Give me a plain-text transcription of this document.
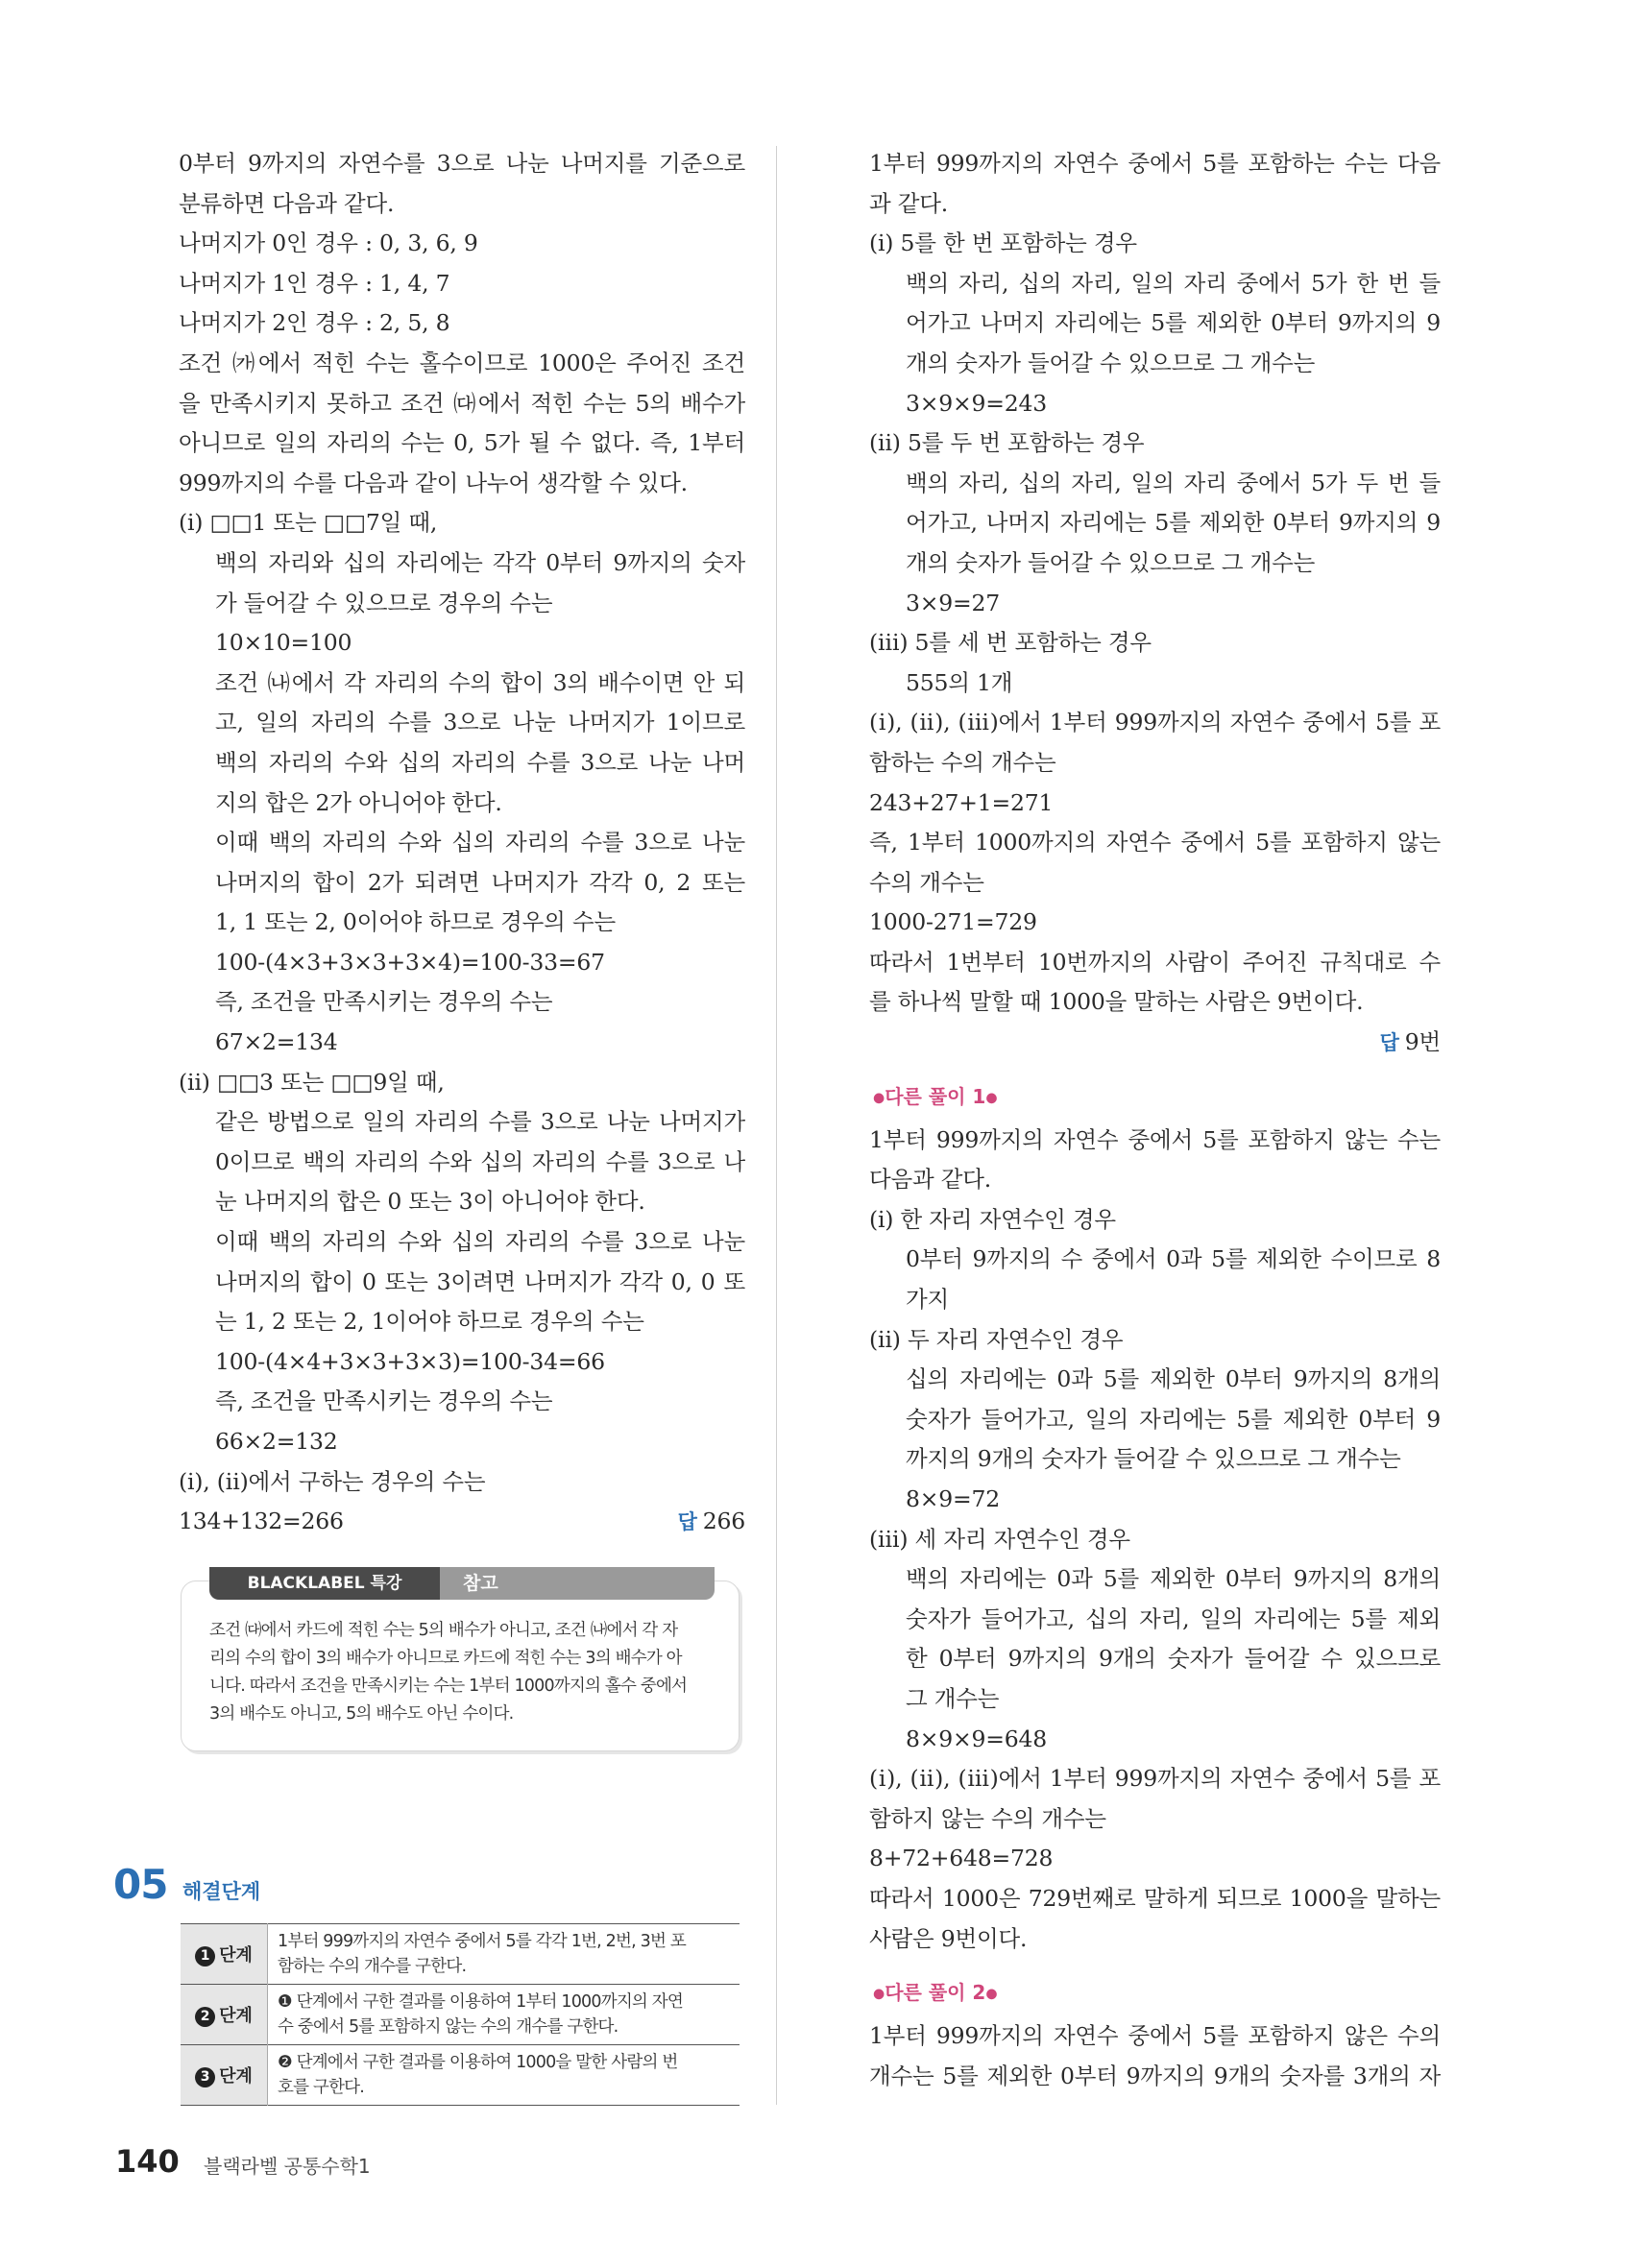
0부터 9까지의 자연수를 3으로 나눈 나머지를 기준으로
분류하면 다음과 같다.
나머지가 0인 경우 : 0, 3, 6, 9
나머지가 1인 경우 : 1, 4, 7
나머지가 2인 경우 : 2, 5, 8
조건 ㈎에서 적힌 수는 홀수이므로 1000은 주어진 조건
을 만족시키지 못하고 조건 ㈐에서 적힌 수는 5의 배수가
아니므로 일의 자리의 수는 0, 5가 될 수 없다. 즉, 1부터
999까지의 수를 다음과 같이 나누어 생각할 수 있다.
(ⅰ) □□1 또는 □□7일 때,
백의 자리와 십의 자리에는 각각 0부터 9까지의 숫자
가 들어갈 수 있으므로 경우의 수는
10×10=100
조건 ㈏에서 각 자리의 수의 합이 3의 배수이면 안 되
고, 일의 자리의 수를 3으로 나눈 나머지가 1이므로
백의 자리의 수와 십의 자리의 수를 3으로 나눈 나머
지의 합은 2가 아니어야 한다.
이때 백의 자리의 수와 십의 자리의 수를 3으로 나눈
나머지의 합이 2가 되려면 나머지가 각각 0, 2 또는
1, 1 또는 2, 0이어야 하므로 경우의 수는
100-(4×3+3×3+3×4)=100-33=67
즉, 조건을 만족시키는 경우의 수는
67×2=134
(ⅱ) □□3 또는 □□9일 때,
같은 방법으로 일의 자리의 수를 3으로 나눈 나머지가
0이므로 백의 자리의 수와 십의 자리의 수를 3으로 나
눈 나머지의 합은 0 또는 3이 아니어야 한다.
이때 백의 자리의 수와 십의 자리의 수를 3으로 나눈
나머지의 합이 0 또는 3이려면 나머지가 각각 0, 0 또
는 1, 2 또는 2, 1이어야 하므로 경우의 수는
100-(4×4+3×3+3×3)=100-34=66
즉, 조건을 만족시키는 경우의 수는
66×2=132
(ⅰ), (ⅱ)에서 구하는 경우의 수는
134+132=266	답 266
BLACKLABEL 특강	참고
조건 ㈐에서 카드에 적힌 수는 5의 배수가 아니고, 조건 ㈏에서 각 자
리의 수의 합이 3의 배수가 아니므로 카드에 적힌 수는 3의 배수가 아
니다. 따라서 조건을 만족시키는 수는 1부터 1000까지의 홀수 중에서
3의 배수도 아니고, 5의 배수도 아닌 수이다.
05 해결단계
1 단계	1부터 999까지의 자연수 중에서 5를 각각 1번, 2번, 3번 포
함하는 수의 개수를 구한다.

2 단계	❶ 단계에서 구한 결과를 이용하여 1부터 1000까지의 자연
수 중에서 5를 포함하지 않는 수의 개수를 구한다.

3 단계	❷ 단계에서 구한 결과를 이용하여 1000을 말한 사람의 번
호를 구한다.
1부터 999까지의 자연수 중에서 5를 포함하는 수는 다음
과 같다.
(ⅰ) 5를 한 번 포함하는 경우
백의 자리, 십의 자리, 일의 자리 중에서 5가 한 번 들
어가고 나머지 자리에는 5를 제외한 0부터 9까지의 9
개의 숫자가 들어갈 수 있으므로 그 개수는
3×9×9=243
(ⅱ) 5를 두 번 포함하는 경우
백의 자리, 십의 자리, 일의 자리 중에서 5가 두 번 들
어가고, 나머지 자리에는 5를 제외한 0부터 9까지의 9
개의 숫자가 들어갈 수 있으므로 그 개수는
3×9=27
(ⅲ) 5를 세 번 포함하는 경우
555의 1개
(ⅰ), (ⅱ), (ⅲ)에서 1부터 999까지의 자연수 중에서 5를 포
함하는 수의 개수는
243+27+1=271
즉, 1부터 1000까지의 자연수 중에서 5를 포함하지 않는
수의 개수는
1000-271=729
따라서 1번부터 10번까지의 사람이 주어진 규칙대로 수
를 하나씩 말할 때 1000을 말하는 사람은 9번이다.
답 9번
●다른 풀이 1●
1부터 999까지의 자연수 중에서 5를 포함하지 않는 수는
다음과 같다.
(ⅰ) 한 자리 자연수인 경우
0부터 9까지의 수 중에서 0과 5를 제외한 수이므로 8
가지
(ⅱ) 두 자리 자연수인 경우
십의 자리에는 0과 5를 제외한 0부터 9까지의 8개의
숫자가 들어가고, 일의 자리에는 5를 제외한 0부터 9
까지의 9개의 숫자가 들어갈 수 있으므로 그 개수는
8×9=72
(ⅲ) 세 자리 자연수인 경우
백의 자리에는 0과 5를 제외한 0부터 9까지의 8개의
숫자가 들어가고, 십의 자리, 일의 자리에는 5를 제외
한 0부터 9까지의 9개의 숫자가 들어갈 수 있으므로
그 개수는
8×9×9=648
(ⅰ), (ⅱ), (ⅲ)에서 1부터 999까지의 자연수 중에서 5를 포
함하지 않는 수의 개수는
8+72+648=728
따라서 1000은 729번째로 말하게 되므로 1000을 말하는
사람은 9번이다.
●다른 풀이 2●
1부터 999까지의 자연수 중에서 5를 포함하지 않은 수의
개수는 5를 제외한 0부터 9까지의 9개의 숫자를 3개의 자
140 블랙라벨 공통수학1
